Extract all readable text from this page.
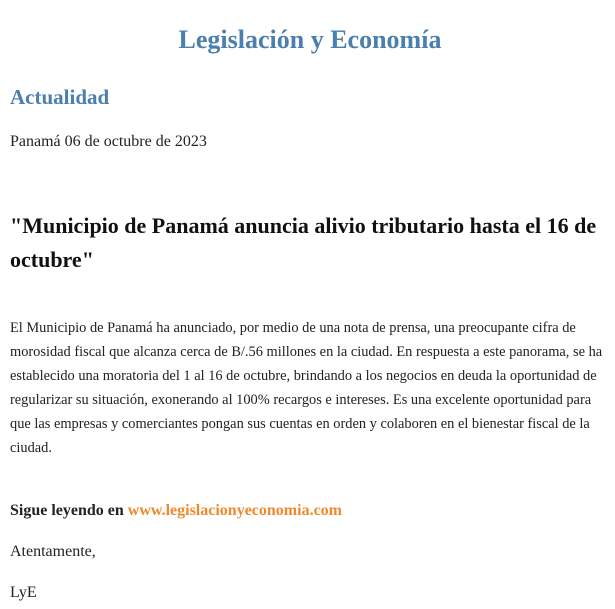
Legislación y Economía
Actualidad

Panamá 06 de octubre de 2023

"Municipio de Panamá anuncia alivio tributario hasta el 16 de octubre"

El Municipio de Panamá ha anunciado, por medio de una nota de prensa, una preocupante cifra de morosidad fiscal que alcanza cerca de B/.56 millones en la ciudad. En respuesta a este panorama, se ha establecido una moratoria del 1 al 16 de octubre, brindando a los negocios en deuda la oportunidad de regularizar su situación, exonerando al 100% recargos e intereses. Es una excelente oportunidad para que las empresas y comerciantes pongan sus cuentas en orden y colaboren en el bienestar fiscal de la ciudad.

Sigue leyendo en www.legislacionyeconomia.com

Atentamente,

LyE
